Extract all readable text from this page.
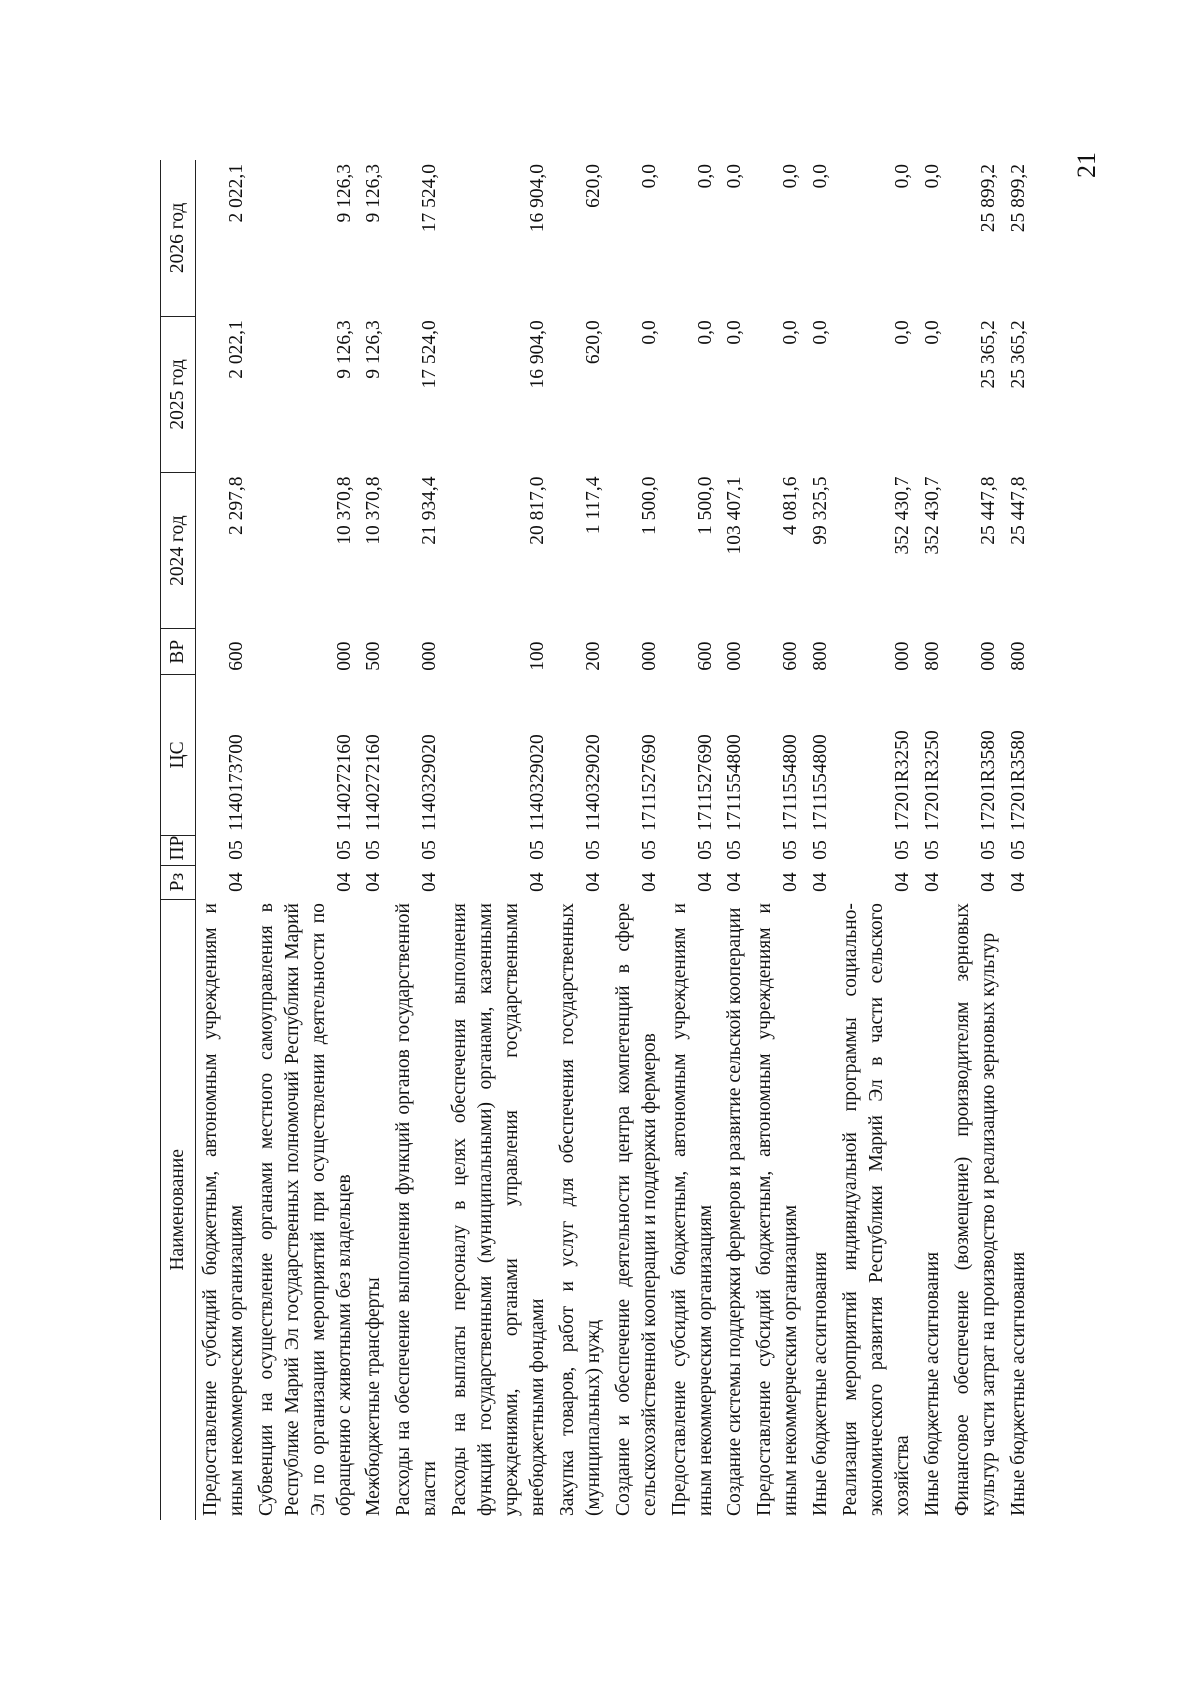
21
Наименование	Рз	ПР	ЦС	ВР	2024 год	2025 год	2026 год
Предоставление субсидий бюджетным, автономным учреждениям и иным некоммерческим организациям	04	05	1140173700	600	2 297,8	2 022,1	2 022,1
Субвенции на осуществление органами местного самоуправления в Республике Марий Эл государственных полномочий Республики Марий Эл по организации мероприятий при осуществлении деятельности по обращению с животными без владельцев	04	05	1140272160	000	10 370,8	9 126,3	9 126,3
Межбюджетные трансферты	04	05	1140272160	500	10 370,8	9 126,3	9 126,3
Расходы на обеспечение выполнения функций органов государственной власти	04	05	1140329020	000	21 934,4	17 524,0	17 524,0
Расходы на выплаты персоналу в целях обеспечения выполнения функций государственными (муниципальными) органами, казенными учреждениями, органами управления государственными внебюджетными фондами	04	05	1140329020	100	20 817,0	16 904,0	16 904,0
Закупка товаров, работ и услуг для обеспечения государственных (муниципальных) нужд	04	05	1140329020	200	1 117,4	620,0	620,0
Создание и обеспечение деятельности центра компетенций в сфере сельскохозяйственной кооперации и поддержки фермеров	04	05	1711527690	000	1 500,0	0,0	0,0
Предоставление субсидий бюджетным, автономным учреждениям и иным некоммерческим организациям	04	05	1711527690	600	1 500,0	0,0	0,0
Создание системы поддержки фермеров и развитие сельской кооперации	04	05	1711554800	000	103 407,1	0,0	0,0
Предоставление субсидий бюджетным, автономным учреждениям и иным некоммерческим организациям	04	05	1711554800	600	4 081,6	0,0	0,0
Иные бюджетные ассигнования	04	05	1711554800	800	99 325,5	0,0	0,0
Реализация мероприятий индивидуальной программы социально-экономического развития Республики Марий Эл в части сельского хозяйства	04	05	17201R3250	000	352 430,7	0,0	0,0
Иные бюджетные ассигнования	04	05	17201R3250	800	352 430,7	0,0	0,0
Финансовое обеспечение (возмещение) производителям зерновых культур части затрат на производство и реализацию зерновых культур	04	05	17201R3580	000	25 447,8	25 365,2	25 899,2
Иные бюджетные ассигнования	04	05	17201R3580	800	25 447,8	25 365,2	25 899,2
